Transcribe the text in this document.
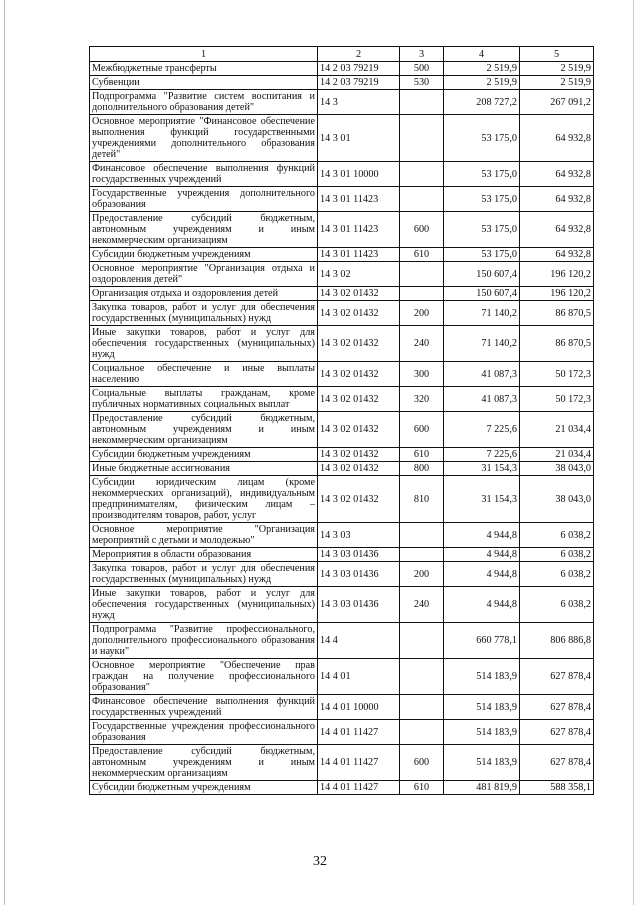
1	2	3	4	5
Межбюджетные трансферты	14 2 03 79219	500	2 519,9	2 519,9
Субвенции	14 2 03 79219	530	2 519,9	2 519,9
Подпрограмма "Развитие систем воспитания и дополнительного образования детей"	14 3		208 727,2	267 091,2
Основное мероприятие "Финансовое обеспечение выполнения функций государственными учреждениями дополнительного образования детей"	14 3 01		53 175,0	64 932,8
Финансовое обеспечение выполнения функций государственных учреждений	14 3 01 10000		53 175,0	64 932,8
Государственные учреждения дополнительного образования	14 3 01 11423		53 175,0	64 932,8
Предоставление субсидий бюджетным, автономным учреждениям и иным некоммерческим организациям	14 3 01 11423	600	53 175,0	64 932,8
Субсидии бюджетным учреждениям	14 3 01 11423	610	53 175,0	64 932,8
Основное мероприятие "Организация отдыха и оздоровления детей"	14 3 02		150 607,4	196 120,2
Организация отдыха и оздоровления детей	14 3 02 01432		150 607,4	196 120,2
Закупка товаров, работ и услуг для обеспечения государственных (муниципальных) нужд	14 3 02 01432	200	71 140,2	86 870,5
Иные закупки товаров, работ и услуг для обеспечения государственных (муниципальных) нужд	14 3 02 01432	240	71 140,2	86 870,5
Социальное обеспечение и иные выплаты населению	14 3 02 01432	300	41 087,3	50 172,3
Социальные выплаты гражданам, кроме публичных нормативных социальных выплат	14 3 02 01432	320	41 087,3	50 172,3
Предоставление субсидий бюджетным, автономным учреждениям и иным некоммерческим организациям	14 3 02 01432	600	7 225,6	21 034,4
Субсидии бюджетным учреждениям	14 3 02 01432	610	7 225,6	21 034,4
Иные бюджетные ассигнования	14 3 02 01432	800	31 154,3	38 043,0
Субсидии юридическим лицам (кроме некоммерческих организаций), индивидуальным предпринимателям, физическим лицам – производителям товаров, работ, услуг	14 3 02 01432	810	31 154,3	38 043,0
Основное мероприятие "Организация мероприятий с детьми и молодежью"	14 3 03		4 944,8	6 038,2
Мероприятия в области образования	14 3 03 01436		4 944,8	6 038,2
Закупка товаров, работ и услуг для обеспечения государственных (муниципальных) нужд	14 3 03 01436	200	4 944,8	6 038,2
Иные закупки товаров, работ и услуг для обеспечения государственных (муниципальных) нужд	14 3 03 01436	240	4 944,8	6 038,2
Подпрограмма "Развитие профессионального, дополнительного профессионального образования и науки"	14 4		660 778,1	806 886,8
Основное мероприятие "Обеспечение прав граждан на получение профессионального образования"	14 4 01		514 183,9	627 878,4
Финансовое обеспечение выполнения функций государственных учреждений	14 4 01 10000		514 183,9	627 878,4
Государственные учреждения профессионального образования	14 4 01 11427		514 183,9	627 878,4
Предоставление субсидий бюджетным, автономным учреждениям и иным некоммерческим организациям	14 4 01 11427	600	514 183,9	627 878,4
Субсидии бюджетным учреждениям	14 4 01 11427	610	481 819,9	588 358,1
32
